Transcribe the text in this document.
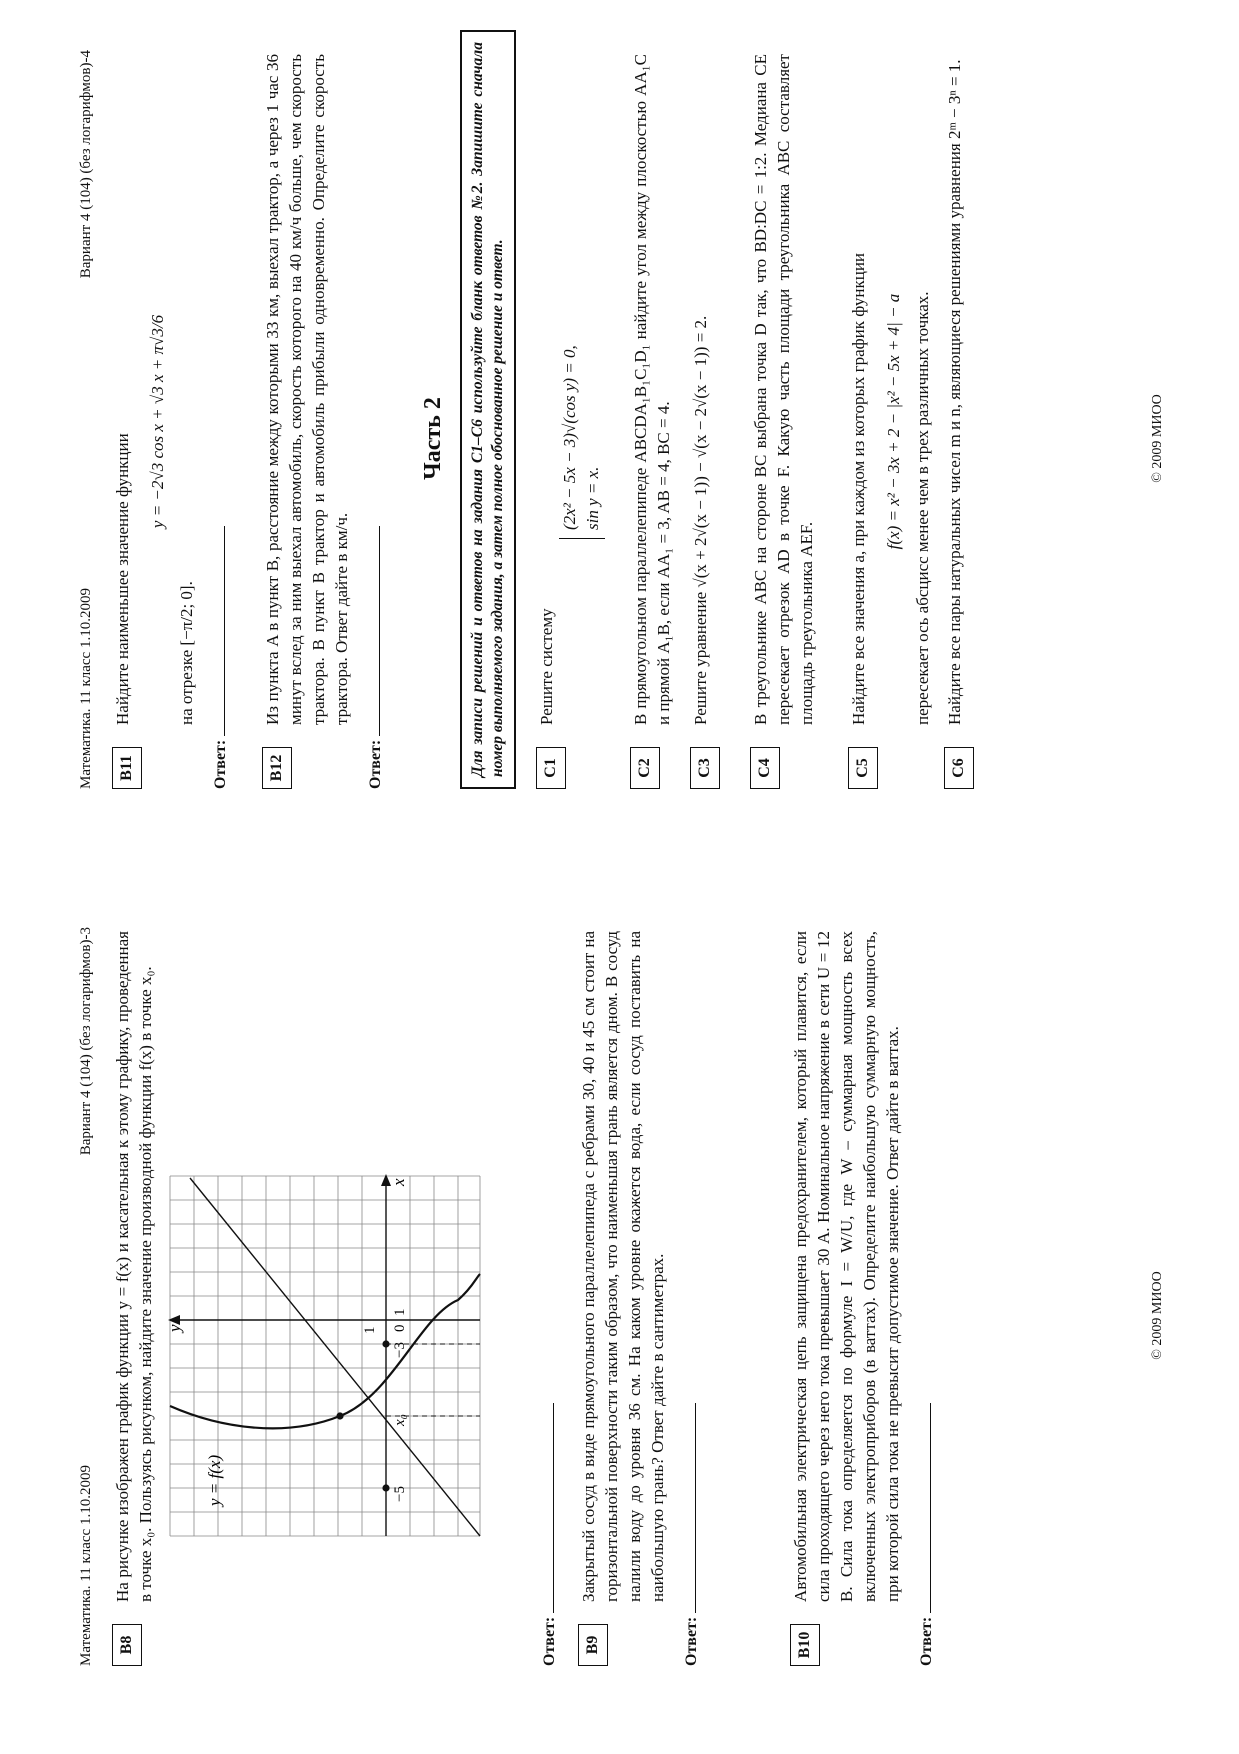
Математика. 11 класс 1.10.2009
Вариант 4 (104) (без логарифмов)-3
B8
На рисунке изображен график функции y = f(x) и касательная к этому графику, проведенная в точке x₀. Пользуясь рисунком, найдите значение производной функции f(x) в точке x₀. y
x
y = f(x)
0
1
1
x₀
−3
−5
Ответ:	B9
Закрытый сосуд в виде прямоугольного параллелепипеда с ребрами 30, 40 и 45 см стоит на горизонтальной поверхности таким образом, что наименьшая грань является дном. В сосуд налили воду до уровня 36 см. На каком уровне окажется вода, если сосуд поставить на наибольшую грань? Ответ дайте в сантиметрах.
Ответ:	B10
Автомобильная электрическая цепь защищена предохранителем, который плавится, если сила проходящего через него тока превышает 30 А. Номинальное напряжение в сети U = 12 В. Сила тока определяется по формуле I = W/U, где W – суммарная мощность всех включенных электроприборов (в ваттах). Определите наибольшую суммарную мощность, при которой сила тока не превысит допустимое значение. Ответ дайте в ваттах.
Ответ:
© 2009 МИОО
Математика. 11 класс 1.10.2009
Вариант 4 (104) (без логарифмов)-4
B11
Найдите наименьшее значение функции
y = −2√3 cos x + √3 x + π√3/6
на отрезке [−π/2; 0].
Ответ:	B12
Из пункта A в пункт B, расстояние между которыми 33 км, выехал трактор, а через 1 час 36 минут вслед за ним выехал автомобиль, скорость которого на 40 км/ч больше, чем скорость трактора. В пункт B трактор и автомобиль прибыли одновременно. Определите скорость трактора. Ответ дайте в км/ч.
Ответ:
Часть 2	Для записи решений и ответов на задания C1–C6 используйте бланк ответов №2. Запишите сначала номер выполняемого задания, а затем полное обоснованное решение и ответ.	C1
Решите систему
(2x² − 5x − 3)√(cos y) = 0, sin y = x.
C2
В прямоугольном параллелепипеде ABCDA₁B₁C₁D₁ найдите угол между плоскостью AA₁C и прямой A₁B, если AA₁ = 3, AB = 4, BC = 4.
C3
Решите уравнение √(x + 2√(x − 1)) − √(x − 2√(x − 1)) = 2.
C4
В треугольнике ABC на стороне BC выбрана точка D так, что BD:DC = 1:2. Медиана CE пересекает отрезок AD в точке F. Какую часть площади треугольника ABC составляет площадь треугольника AEF.
C5
Найдите все значения a, при каждом из которых график функции f(x) = x² − 3x + 2 − |x² − 5x + 4| − a пересекает ось абсцисс менее чем в трех различных точках.
C6
Найдите все пары натуральных чисел m и n, являющиеся решениями уравнения 2ᵐ − 3ⁿ = 1.	© 2009 МИОО
